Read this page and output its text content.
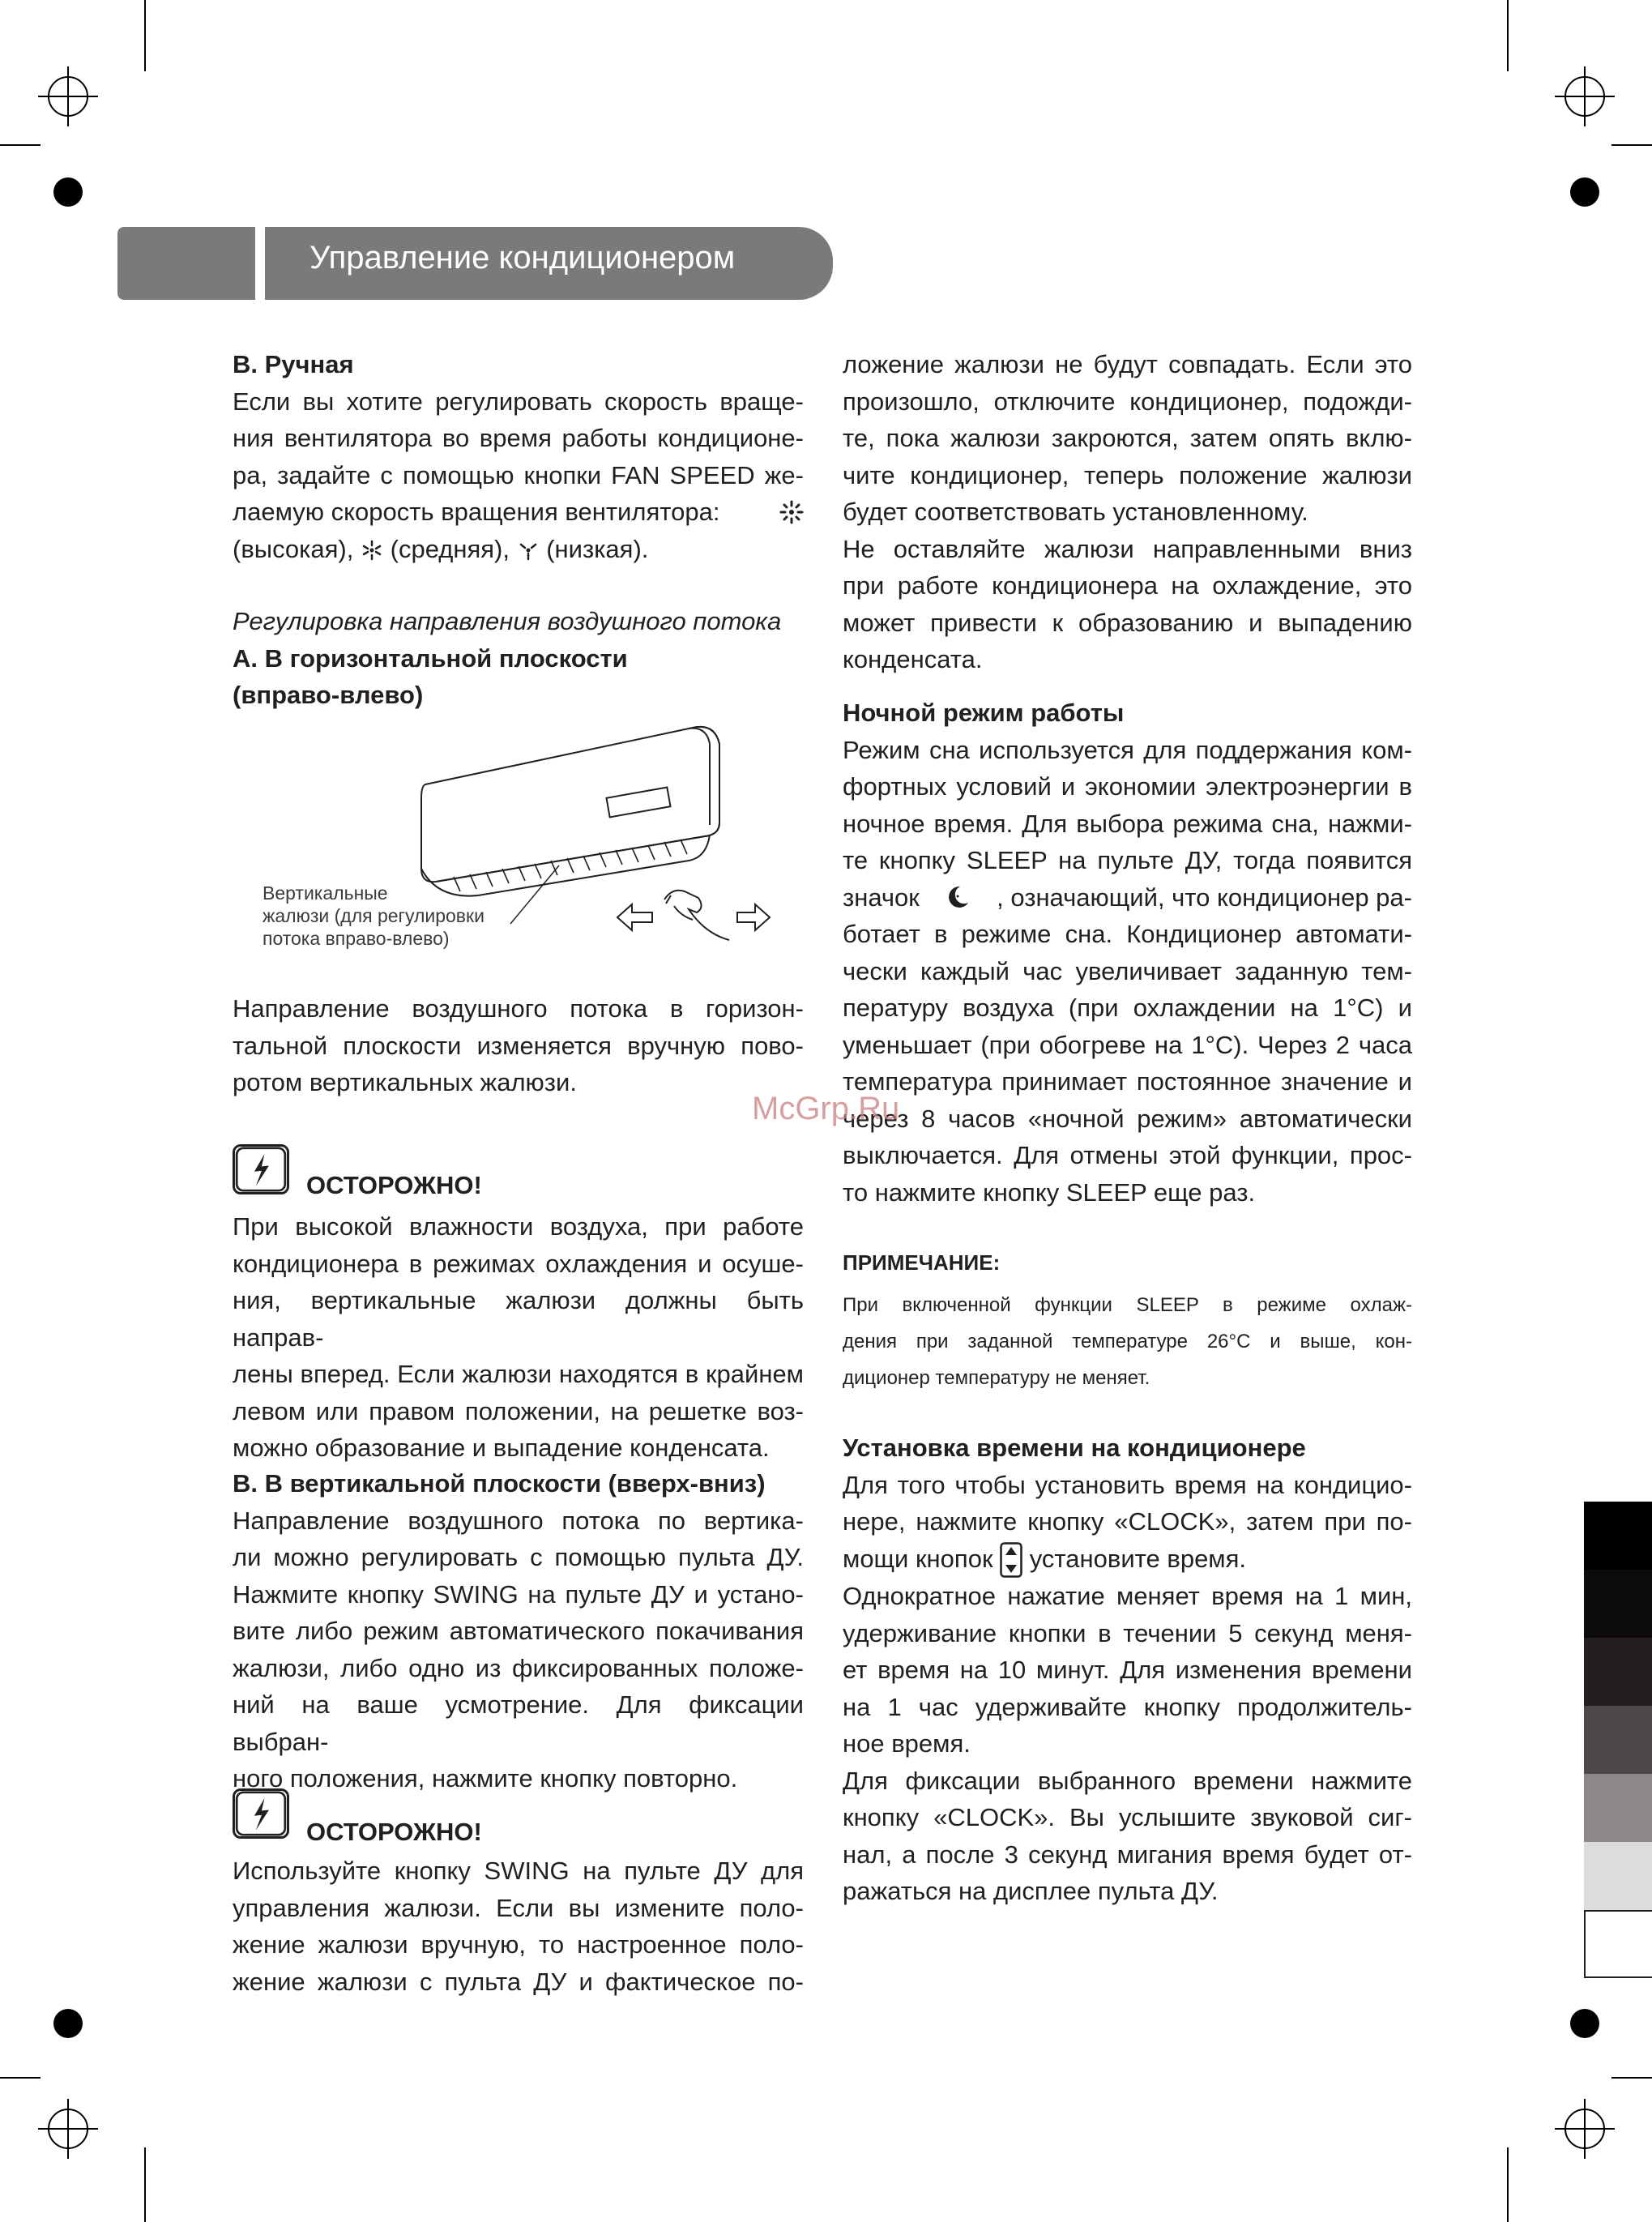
Управление кондиционером

B. Ручная

Если вы хотите регулировать скорость враще-

ния вентилятора во время работы кондиционе-

ра, задайте с помощью кнопки FAN SPEED же-

лаемую скорость вращения вентилятора:

(высокая), (средняя), (низкая).

Регулировка направления воздушного потока

A. В горизонтальной плоскости

(вправо-влево)

Вертикальные
жалюзи (для регулировки
потока вправо-влево)

Направление воздушного потока в горизон-

тальной плоскости изменяется вручную пово-

ротом вертикальных жалюзи.

ОСТОРОЖНО!

При высокой влажности воздуха, при работе

кондиционера в режимах охлаждения и осуше-

ния, вертикальные жалюзи должны быть направ-

лены вперед. Если жалюзи находятся в крайнем

левом или правом положении, на решетке воз-

можно образование и выпадение конденсата.

B. В вертикальной плоскости (вверх-вниз)

Направление воздушного потока по вертика-

ли можно регулировать с помощью пульта ДУ.

Нажмите кнопку SWING на пульте ДУ и устано-

вите либо режим автоматического покачивания

жалюзи, либо одно из фиксированных положе-

ний на ваше усмотрение. Для фиксации выбран-

ного положения, нажмите кнопку повторно.

ОСТОРОЖНО!

Используйте кнопку SWING на пульте ДУ для

управления жалюзи. Если вы измените поло-

жение жалюзи вручную, то настроенное поло-

жение жалюзи с пульта ДУ и фактическое по-

ложение жалюзи не будут совпадать. Если это

произошло, отключите кондиционер, подожди-

те, пока жалюзи закроются, затем опять вклю-

чите кондиционер, теперь положение жалюзи

будет соответствовать установленному.

Не оставляйте жалюзи направленными вниз

при работе кондиционера на охлаждение, это

может привести к образованию и выпадению

конденсата.

Ночной режим работы

Режим сна используется для поддержания ком-

фортных условий и экономии электроэнергии в

ночное время. Для выбора режима сна, нажми-

те кнопку SLEEP на пульте ДУ, тогда появится

значок	, означающий, что кондиционер ра-

ботает в режиме сна. Кондиционер автомати-

чески каждый час увеличивает заданную тем-

пературу воздуха (при охлаждении на 1°С) и

уменьшает (при обогреве на 1°С). Через 2 часа

температура принимает постоянное значение и

через 8 часов «ночной режим» автоматически

выключается. Для отмены этой функции, прос-

то нажмите кнопку SLEEP еще раз.

ПРИМЕЧАНИЕ:

При включенной функции SLEEP в режиме охлаж-

дения при заданной температуре 26°С и выше, кон-

диционер температуру не меняет.

Установка времени на кондиционере

Для того чтобы установить время на кондицио-

нере, нажмите кнопку «CLOCK», затем при по-

мощи кнопок установите время.

Однократное нажатие меняет время на 1 мин,

удерживание кнопки в течении 5 секунд меня-

ет время на 10 минут. Для изменения времени

на 1 час удерживайте кнопку продолжитель-

ное время.

Для фиксации выбранного времени нажмите

кнопку «CLOCK». Вы услышите звуковой сиг-

нал, а после 3 секунд мигания время будет от-

ражаться на дисплее пульта ДУ.

McGrp.Ru
